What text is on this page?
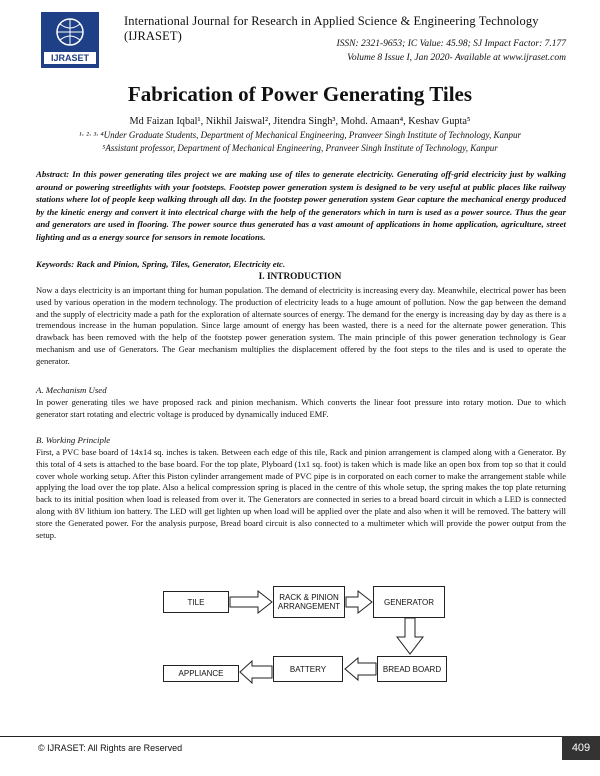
IJRASET
International Journal for Research in Applied Science & Engineering Technology (IJRASET)
ISSN: 2321-9653; IC Value: 45.98; SJ Impact Factor: 7.177
Volume 8 Issue I, Jan 2020- Available at www.ijraset.com
Fabrication of Power Generating Tiles
Md Faizan Iqbal¹, Nikhil Jaiswal², Jitendra Singh³, Mohd. Amaan⁴, Keshav Gupta⁵
¹· ²· ³· ⁴Under Graduate Students, Department of Mechanical Engineering, Pranveer Singh Institute of Technology, Kanpur
⁵Assistant professor, Department of Mechanical Engineering, Pranveer Singh Institute of Technology, Kanpur

Abstract: In this power generating tiles project we are making use of tiles to generate electricity. Generating off-grid electricity just by walking around or powering streetlights with your footsteps. Footstep power generation system is designed to be very useful at public places like railway stations where lot of people keep walking through all day. In the footstep power generation system Gear capture the mechanical energy produced by the kinetic energy and convert it into electrical charge with the help of the generators which in turn is used as a power source. Thus the gear and generators are used in flooring. The power source thus generated has a vast amount of applications in home application, agriculture, street lighting and as a energy source for sensors in remote locations.

Keywords: Rack and Pinion, Spring, Tiles, Generator, Electricity etc.

I. INTRODUCTION

Now a days electricity is an important thing for human population. The demand of electricity is increasing every day. Meanwhile, electrical power has been used by various operation in the modern technology. The production of electricity leads to a huge amount of pollution. Now the gap between the demand and the supply of electricity made a path for the exploration of alternate sources of energy. The demand for the energy is increasing day by day as there is a tremendous increase in the human population. Since large amount of energy has been wasted, there is a need for the alternate power generation. This drawback has been removed with the help of the footstep power generation system. The main principle of this power generation technology is Gear mechanism and use of Generators. The Gear mechanism multiplies the displacement offered by the foot steps to the tiles and is used to operate the generator.

A. Mechanism Used

In power generating tiles we have proposed rack and pinion mechanism. Which converts the linear foot pressure into rotary motion. Due to which generator start rotating and electric voltage is produced by dynamically induced EMF.

B. Working Principle

First, a PVC base board of 14x14 sq. inches is taken. Between each edge of this tile, Rack and pinion arrangement is clamped along with a Generator. By this total of 4 sets is attached to the base board. For the top plate, Plyboard (1x1 sq. foot) is taken which is made like an open box from top so that it could cover whole working setup. After this Piston cylinder arrangement made of PVC pipe is in corporated on each corner to make the arrangement stable while applying the load over the top plate. Also a helical compression spring is placed in the centre of this whole setup, the spring makes the top plate returning back to its initial position when load is released from over it. The Generators are connected in series to a bread board circuit in which a LED is connected along with 8V lithium ion battery. The LED will get lighten up when load will be applied over the plate and also when it will be removed. The battery will store the Generated power. For the analysis purpose, Bread board circuit is also connected to a multimeter which will provide the power output from the setup.

TILE	RACK & PINION ARRANGEMENT	GENERATOR
BREAD BOARD
BATTERY
APPLIANCE
© IJRASET: All Rights are Reserved	409
